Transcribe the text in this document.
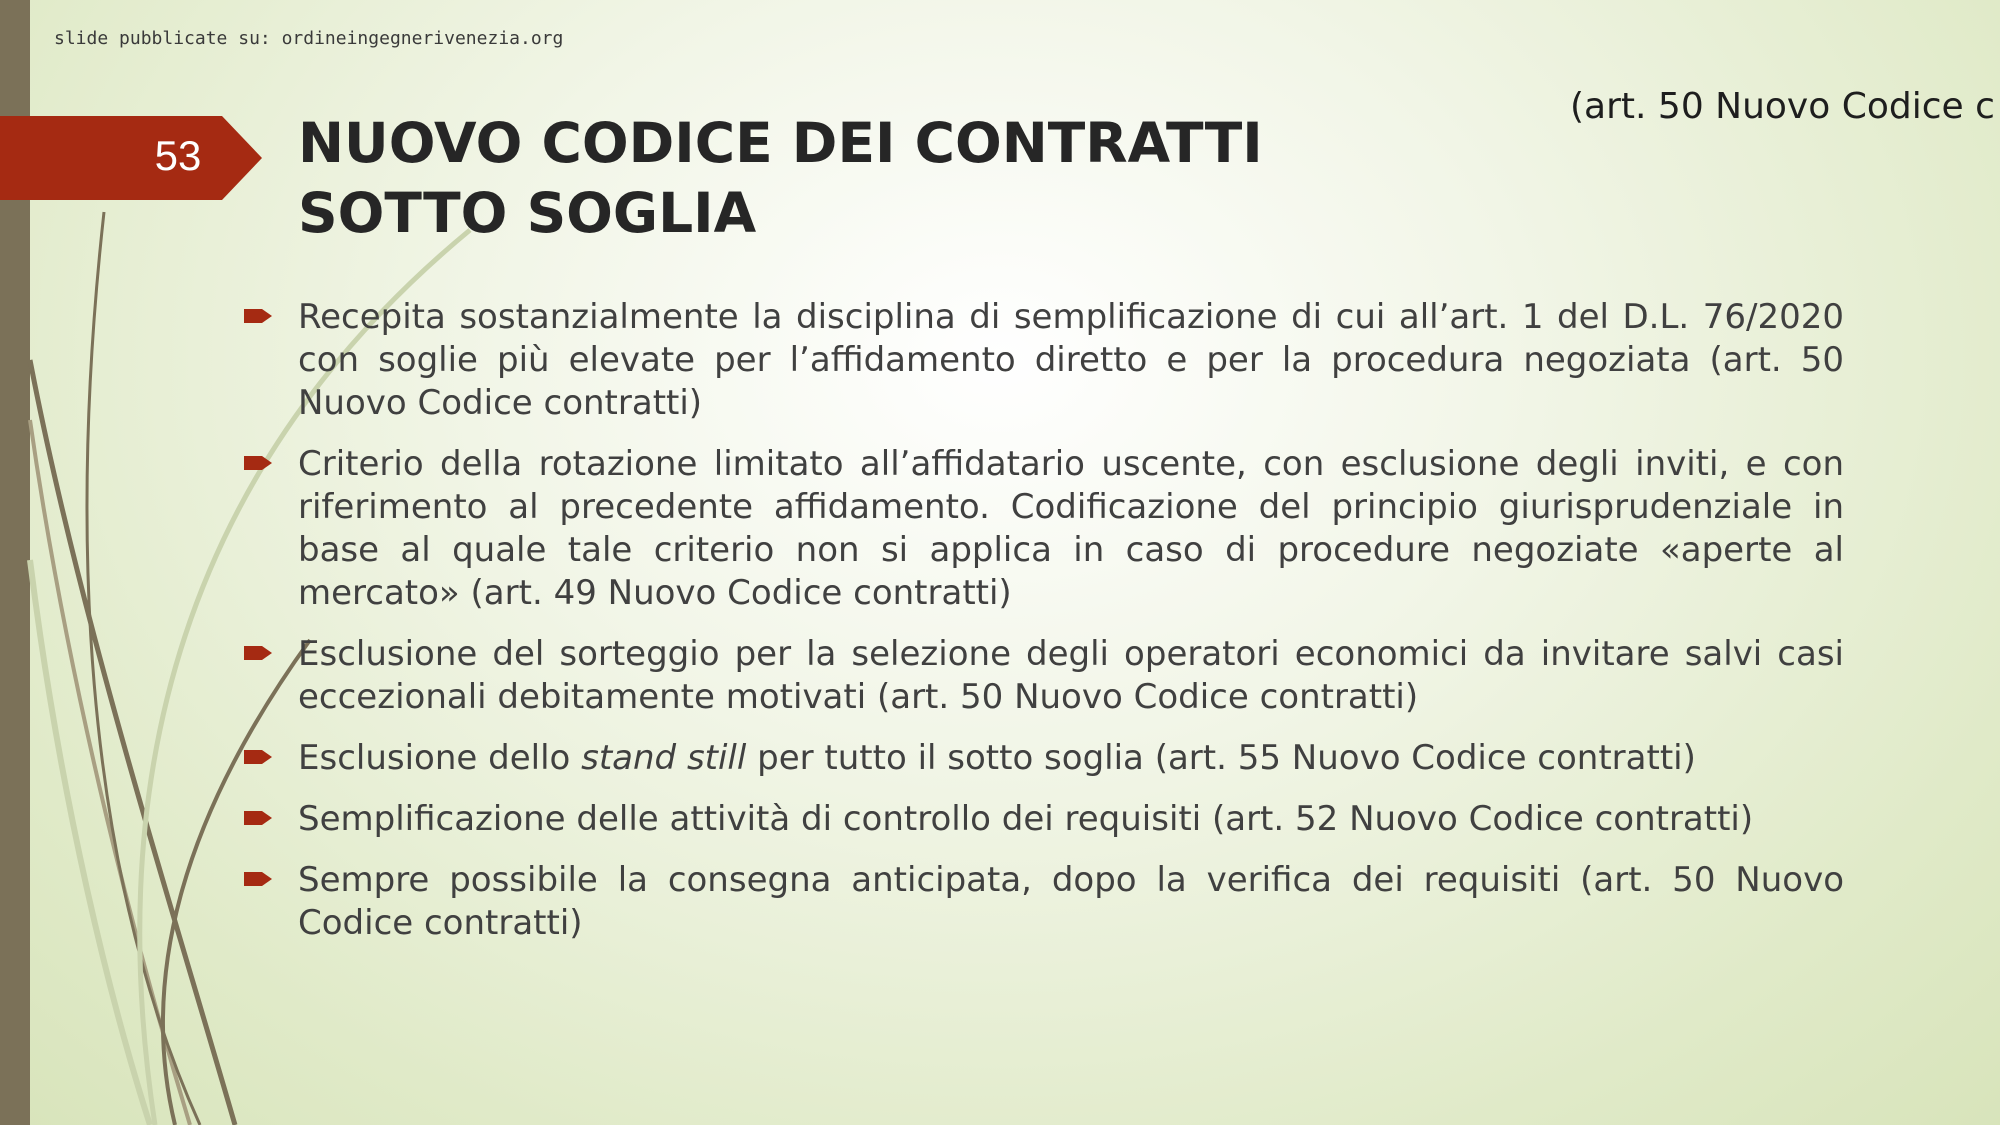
slide pubblicate su: ordineingegnerivenezia.org
(art. 50 Nuovo Codice c
53 NUOVO CODICE DEI CONTRATTI
SOTTO SOGLIA
Recepita sostanzialmente la disciplina di semplificazione di cui all’art. 1 del D.L. 76/2020 con soglie più elevate per l’affidamento diretto e per la procedura negoziata (art. 50 Nuovo Codice contratti)
Criterio della rotazione limitato all’affidatario uscente, con esclusione degli inviti, e con riferimento al precedente affidamento. Codificazione del principio giurisprudenziale in base al quale tale criterio non si applica in caso di procedure negoziate «aperte al mercato» (art. 49 Nuovo Codice contratti)
Esclusione del sorteggio per la selezione degli operatori economici da invitare salvi casi eccezionali debitamente motivati (art. 50 Nuovo Codice contratti)
Esclusione dello stand still per tutto il sotto soglia (art. 55 Nuovo Codice contratti)
Semplificazione delle attività di controllo dei requisiti (art. 52 Nuovo Codice contratti)
Sempre possibile la consegna anticipata, dopo la verifica dei requisiti (art. 50 Nuovo Codice contratti)
